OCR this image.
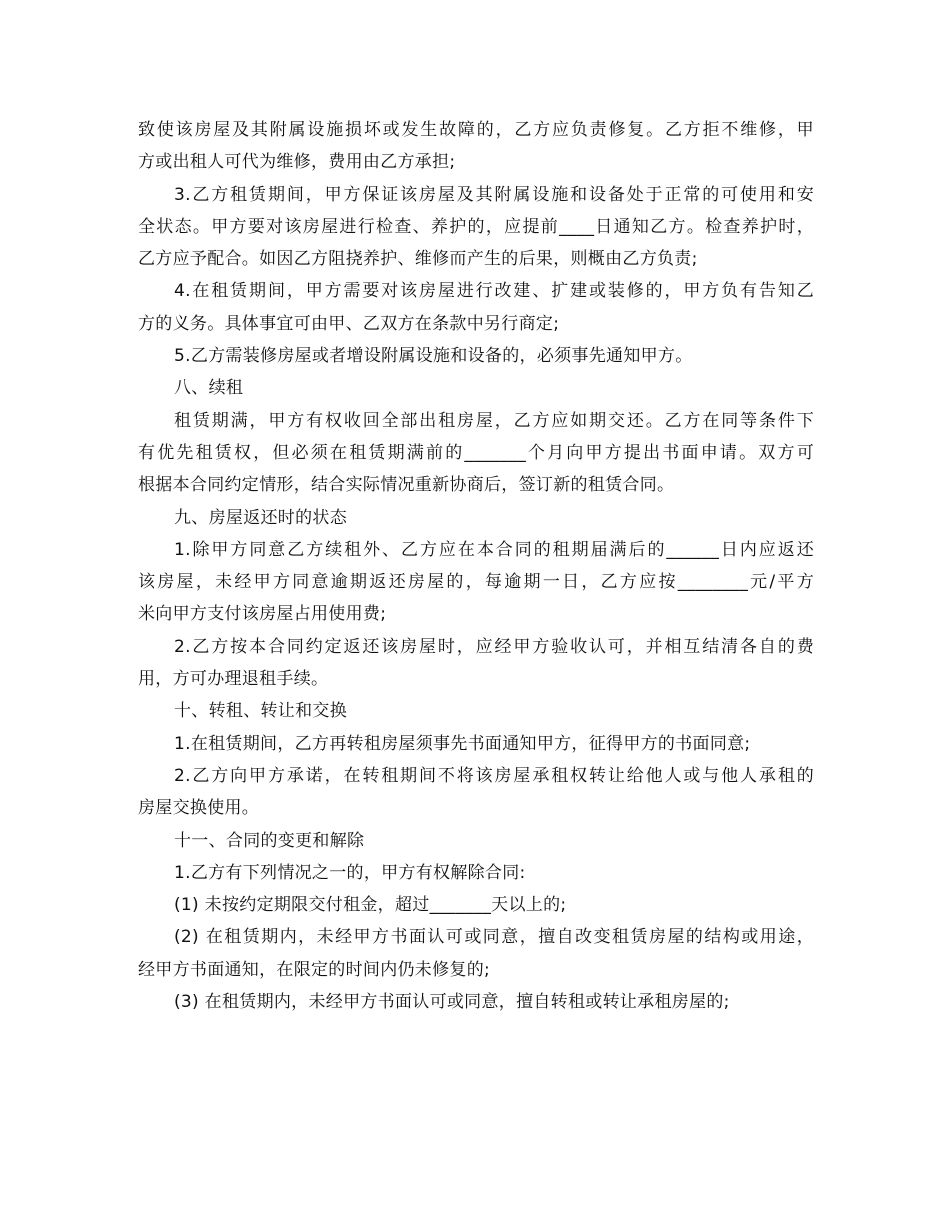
致使该房屋及其附属设施损坏或发生故障的，乙方应负责修复。乙方拒不维修，甲
方或出租人可代为维修，费用由乙方承担;
3.乙方租赁期间，甲方保证该房屋及其附属设施和设备处于正常的可使用和安
全状态。甲方要对该房屋进行检查、养护的，应提前____日通知乙方。检查养护时，
乙方应予配合。如因乙方阻挠养护、维修而产生的后果，则概由乙方负责;
4.在租赁期间，甲方需要对该房屋进行改建、扩建或装修的，甲方负有告知乙
方的义务。具体事宜可由甲、乙双方在条款中另行商定;
5.乙方需装修房屋或者增设附属设施和设备的，必须事先通知甲方。
八、续租
租赁期满，甲方有权收回全部出租房屋，乙方应如期交还。乙方在同等条件下
有优先租赁权，但必须在租赁期满前的_______个月向甲方提出书面申请。双方可
根据本合同约定情形，结合实际情况重新协商后，签订新的租赁合同。
九、房屋返还时的状态
1.除甲方同意乙方续租外、乙方应在本合同的租期届满后的______日内应返还
该房屋，未经甲方同意逾期返还房屋的，每逾期一日，乙方应按________元/平方
米向甲方支付该房屋占用使用费;
2.乙方按本合同约定返还该房屋时，应经甲方验收认可，并相互结清各自的费
用，方可办理退租手续。
十、转租、转让和交换
1.在租赁期间，乙方再转租房屋须事先书面通知甲方，征得甲方的书面同意;
2.乙方向甲方承诺，在转租期间不将该房屋承租权转让给他人或与他人承租的
房屋交换使用。
十一、合同的变更和解除
1.乙方有下列情况之一的，甲方有权解除合同:
(1) 未按约定期限交付租金，超过_______天以上的;
(2) 在租赁期内，未经甲方书面认可或同意，擅自改变租赁房屋的结构或用途，
经甲方书面通知，在限定的时间内仍未修复的;
(3) 在租赁期内，未经甲方书面认可或同意，擅自转租或转让承租房屋的;
